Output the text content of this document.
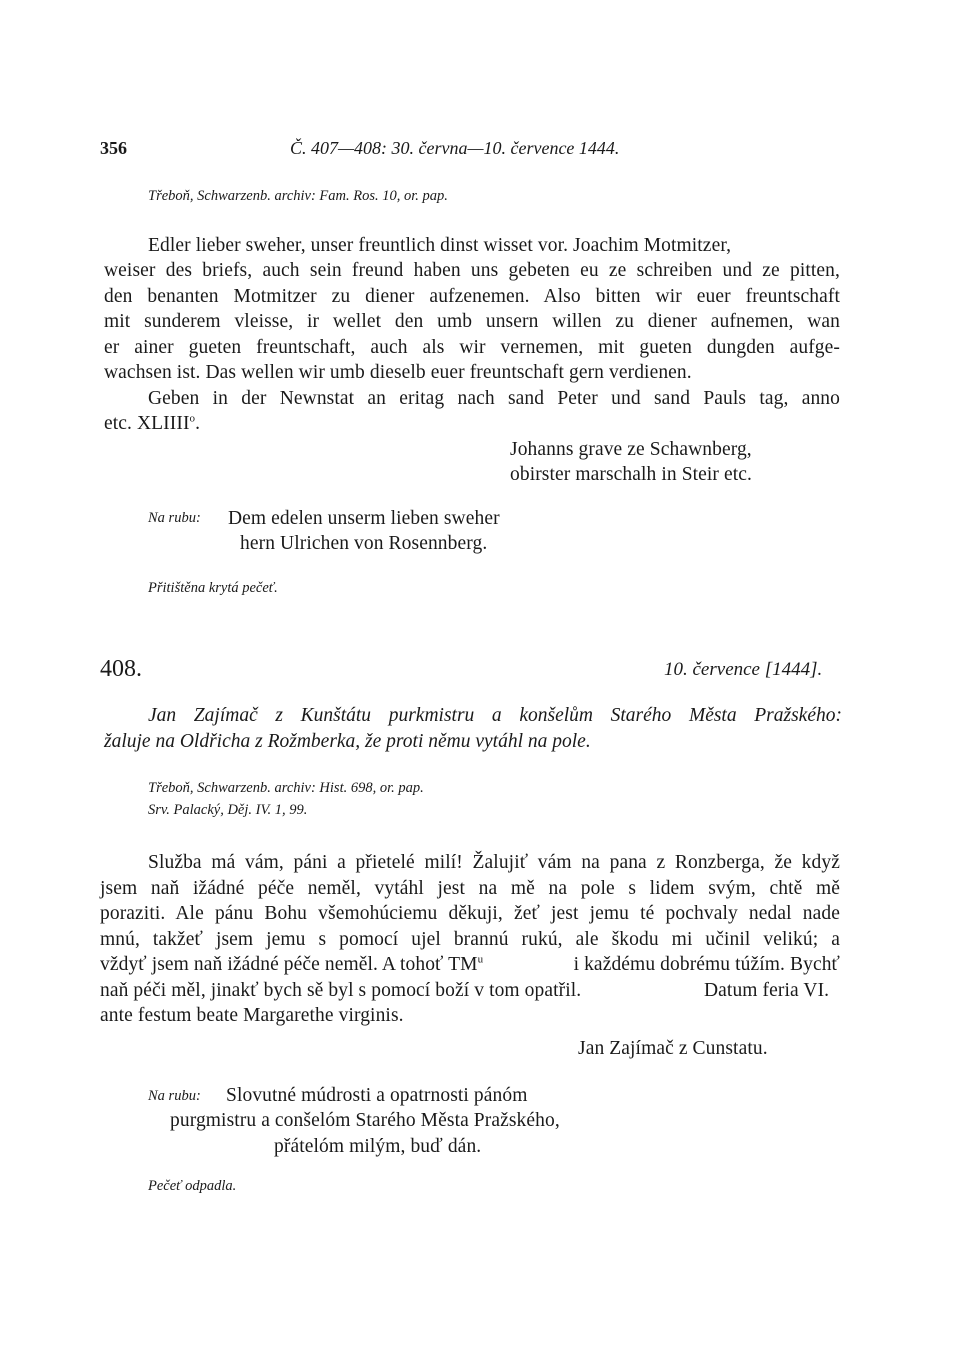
356	Č. 407—408: 30. června—10. července 1444.
Třeboň, Schwarzenb. archiv: Fam. Ros. 10, or. pap.
Edler lieber sweher, unser freuntlich dinst wisset vor. Joachim Motmitzer,
weiser des briefs, auch sein freund haben uns gebeten eu ze schreiben und ze pitten,
den benanten Motmitzer zu diener aufzenemen. Also bitten wir euer freuntschaft
mit sunderem vleisse, ir wellet den umb unsern willen zu diener aufnemen, wan
er ainer gueten freuntschaft, auch als wir vernemen, mit gueten dungden aufge-
wachsen ist. Das wellen wir umb dieselb euer freuntschaft gern verdienen.
Geben in der Newnstat an eritag nach sand Peter und sand Pauls tag, anno
etc. XLIIII$^o$.
Johanns grave ze Schawnberg,
obirster marschalh in Steir etc.
Na rubu: Dem edelen unserm lieben sweher
hern Ulrichen von Rosennberg.
Přitištěna krytá pečeť.
408.	10. července [1444].
Jan Zajímač z Kunštátu purkmistru a konšelům Starého Města Pražského:
žaluje na Oldřicha z Rožmberka, že proti němu vytáhl na pole.
Třeboň, Schwarzenb. archiv: Hist. 698, or. pap.
Srv. Palacký, Děj. IV. 1, 99.
Služba má vám, páni a přietelé milí! Žalujiť vám na pana z Ronzberga, že když
jsem naň ižádné péče neměl, vytáhl jest na mě na pole s lidem svým, chtě mě
poraziti. Ale pánu Bohu všemohúciemu děkuji, žeť jest jemu té pochvaly nedal nade
mnú, takžeť jsem jemu s pomocí ujel brannú rukú, ale škodu mi učinil velikú; a
vždyť jsem naň ižádné péče neměl. A tohoť $TM^u$	i každému dobrému túžím. Bychť
naň péči měl, jinakť bych sě byl s pomocí boží v tom opatřil.	Datum feria VI.
ante festum beate Margarethe virginis.
Jan Zajímač z Cunstatu.
Na rubu: Slovutné múdrosti a opatrnosti pánóm
purgmistru a conšelóm Starého Města Pražského,
přátelóm milým, buď dán.
Pečeť odpadla.
